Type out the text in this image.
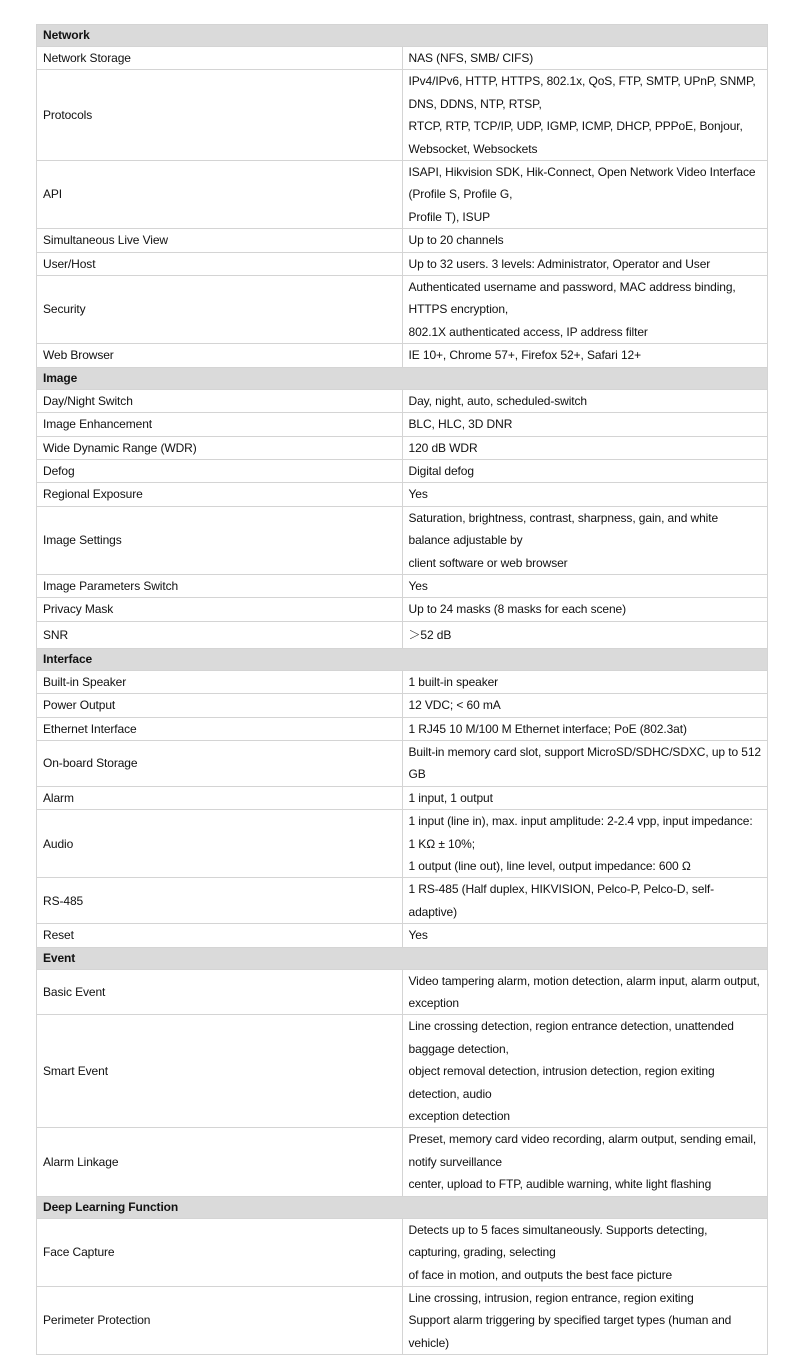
Network	
Network Storage	NAS (NFS, SMB/ CIFS)

Protocols	IPv4/IPv6, HTTP, HTTPS, 802.1x, QoS, FTP, SMTP, UPnP, SNMP, DNS, DDNS, NTP, RTSP,
RTCP, RTP, TCP/IP, UDP, IGMP, ICMP, DHCP, PPPoE, Bonjour, Websocket, Websockets

API	ISAPI, Hikvision SDK, Hik-Connect, Open Network Video Interface (Profile S, Profile G,
Profile T), ISUP

Simultaneous Live View	Up to 20 channels

User/Host	Up to 32 users. 3 levels: Administrator, Operator and User

Security	Authenticated username and password, MAC address binding, HTTPS encryption,
802.1X authenticated access, IP address filter

Web Browser	IE 10+, Chrome 57+, Firefox 52+, Safari 12+

Image	
Day/Night Switch	Day, night, auto, scheduled-switch

Image Enhancement	BLC, HLC, 3D DNR

Wide Dynamic Range (WDR)	120 dB WDR

Defog	Digital defog

Regional Exposure	Yes

Image Settings	Saturation, brightness, contrast, sharpness, gain, and white balance adjustable by
client software or web browser

Image Parameters Switch	Yes

Privacy Mask	Up to 24 masks (8 masks for each scene)

SNR	＞52 dB

Interface	
Built-in Speaker	1 built-in speaker

Power Output	12 VDC; < 60 mA

Ethernet Interface	1 RJ45 10 M/100 M Ethernet interface; PoE (802.3at)

On-board Storage	Built-in memory card slot, support MicroSD/SDHC/SDXC, up to 512 GB

Alarm	1 input, 1 output

Audio	1 input (line in), max. input amplitude: 2-2.4 vpp, input impedance: 1 KΩ ± 10%;
1 output (line out), line level, output impedance: 600 Ω

RS-485	1 RS-485 (Half duplex, HIKVISION, Pelco-P, Pelco-D, self-adaptive)

Reset	Yes

Event	
Basic Event	Video tampering alarm, motion detection, alarm input, alarm output, exception

Smart Event	Line crossing detection, region entrance detection, unattended baggage detection,
object removal detection, intrusion detection, region exiting detection, audio
exception detection

Alarm Linkage	Preset, memory card video recording, alarm output, sending email, notify surveillance
center, upload to FTP, audible warning, white light flashing

Deep Learning Function	
Face Capture	Detects up to 5 faces simultaneously. Supports detecting, capturing, grading, selecting
of face in motion, and outputs the best face picture

Perimeter Protection	Line crossing, intrusion, region entrance, region exiting
Support alarm triggering by specified target types (human and vehicle)
